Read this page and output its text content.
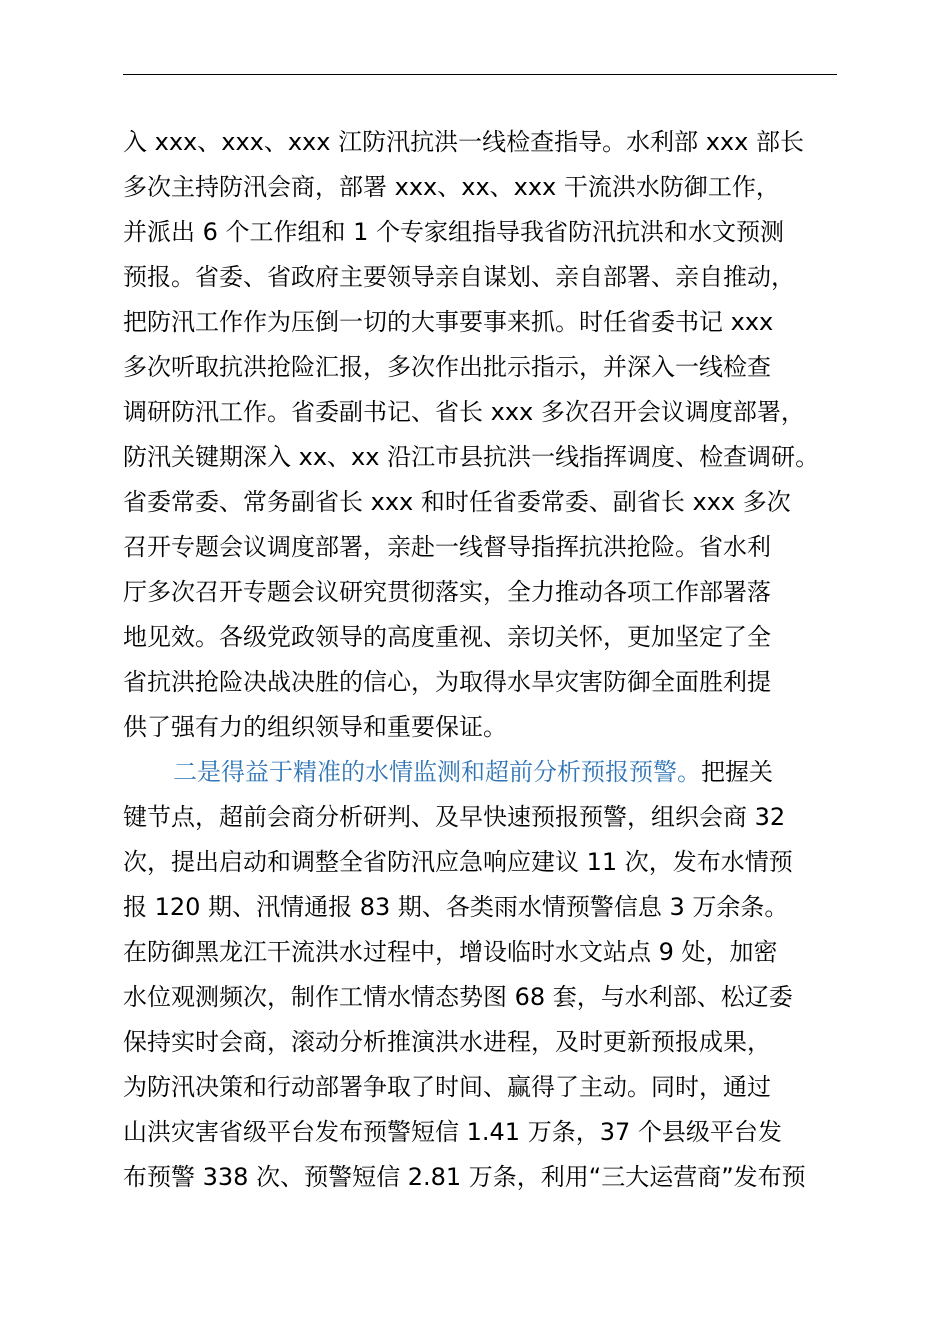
入 xxx、xxx、xxx 江防汛抗洪一线检查指导。水利部 xxx 部长
多次主持防汛会商，部署 xxx、xx、xxx 干流洪水防御工作，
并派出 6 个工作组和 1 个专家组指导我省防汛抗洪和水文预测
预报。省委、省政府主要领导亲自谋划、亲自部署、亲自推动，
把防汛工作作为压倒一切的大事要事来抓。时任省委书记 xxx
多次听取抗洪抢险汇报，多次作出批示指示，并深入一线检查
调研防汛工作。省委副书记、省长 xxx 多次召开会议调度部署，
防汛关键期深入 xx、xx 沿江市县抗洪一线指挥调度、检查调研。
省委常委、常务副省长 xxx 和时任省委常委、副省长 xxx 多次
召开专题会议调度部署，亲赴一线督导指挥抗洪抢险。省水利
厅多次召开专题会议研究贯彻落实，全力推动各项工作部署落
地见效。各级党政领导的高度重视、亲切关怀，更加坚定了全
省抗洪抢险决战决胜的信心，为取得水旱灾害防御全面胜利提
供了强有力的组织领导和重要保证。
二是得益于精准的水情监测和超前分析预报预警。把握关
键节点，超前会商分析研判、及早快速预报预警，组织会商 32
次，提出启动和调整全省防汛应急响应建议 11 次，发布水情预
报 120 期、汛情通报 83 期、各类雨水情预警信息 3 万余条。
在防御黑龙江干流洪水过程中，增设临时水文站点 9 处，加密
水位观测频次，制作工情水情态势图 68 套，与水利部、松辽委
保持实时会商，滚动分析推演洪水进程，及时更新预报成果，
为防汛决策和行动部署争取了时间、赢得了主动。同时，通过
山洪灾害省级平台发布预警短信 1.41 万条，37 个县级平台发
布预警 338 次、预警短信 2.81 万条，利用“三大运营商”发布预
